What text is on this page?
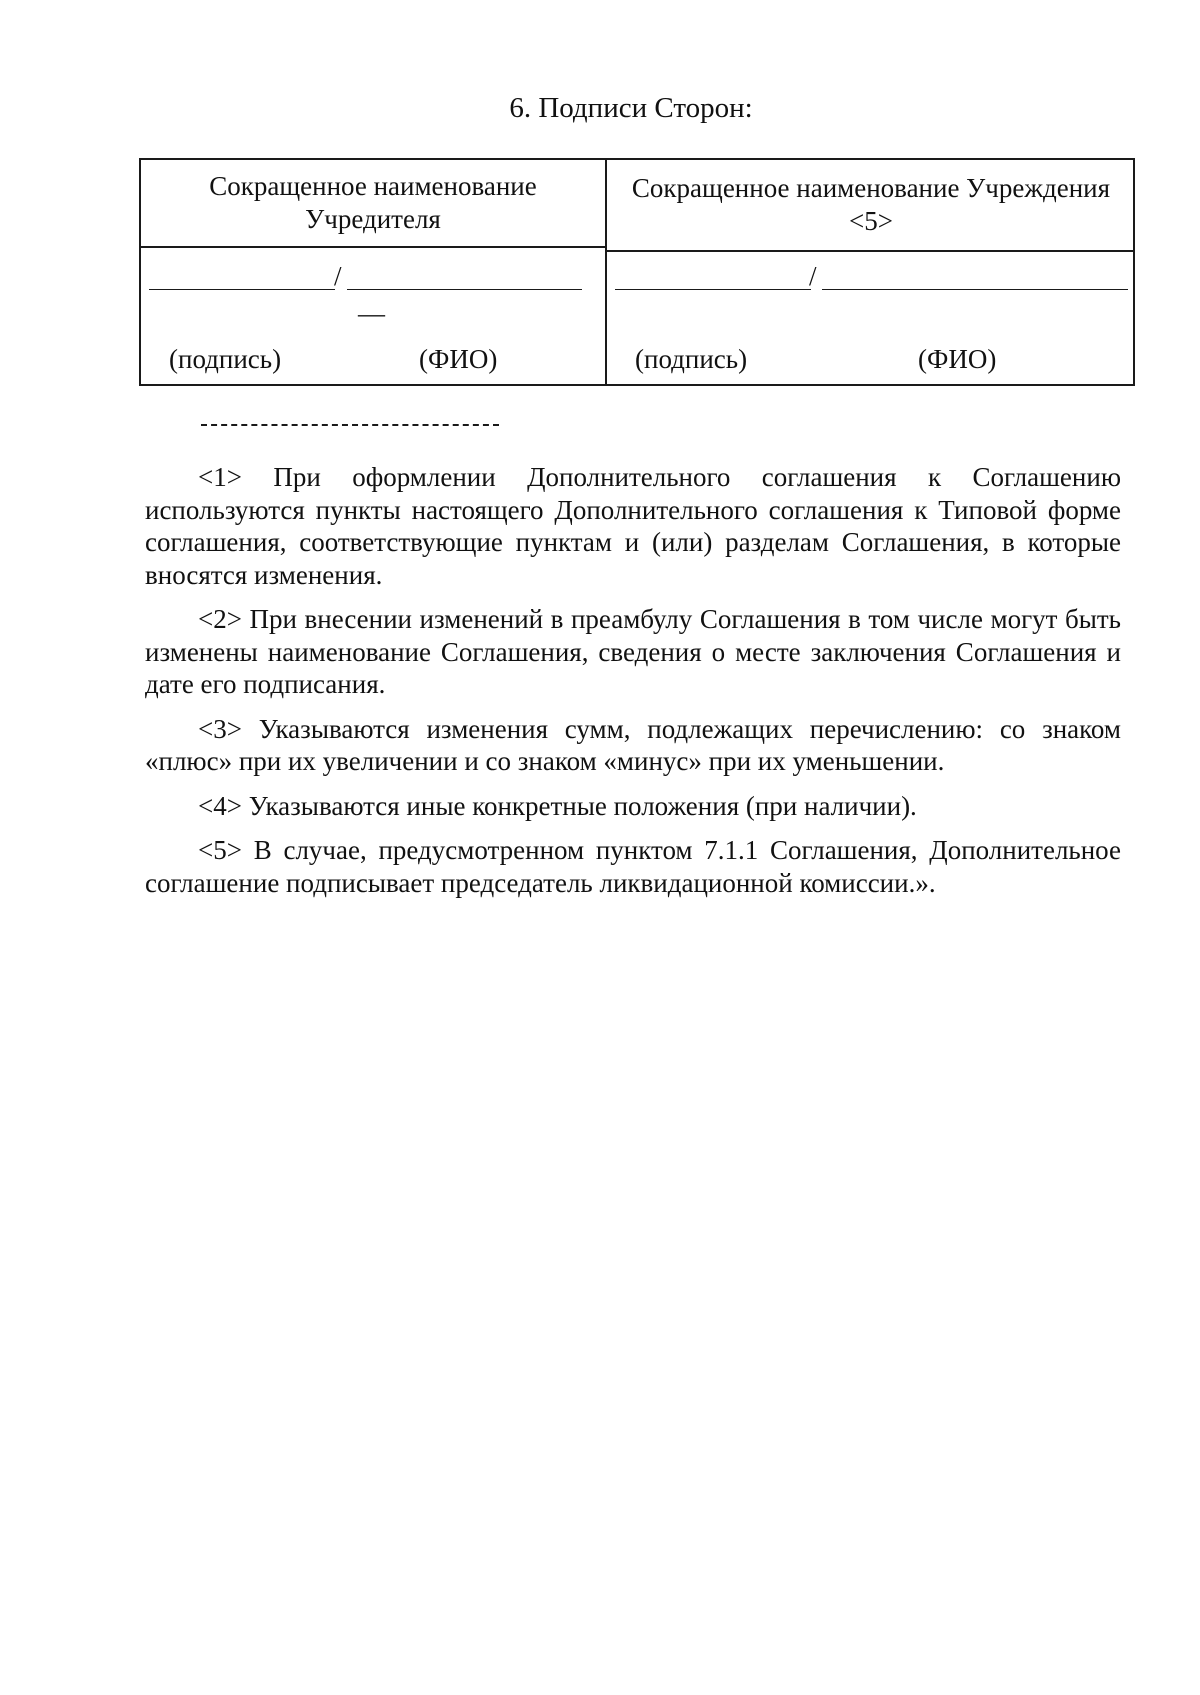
6. Подписи Сторон:
Сокращенное наименование
Учредителя
Сокращенное наименование Учреждения
<5>
/
—
(подпись)	(ФИО)
/
(подпись)	(ФИО)

<1> При оформлении Дополнительного соглашения к Соглашению используются пункты настоящего Дополнительного соглашения к Типовой форме соглашения, соответствующие пунктам и (или) разделам Соглашения, в которые вносятся изменения.

<2> При внесении изменений в преамбулу Соглашения в том числе могут быть изменены наименование Соглашения, сведения о месте заключения Соглашения и дате его подписания.

<3> Указываются изменения сумм, подлежащих перечислению: со знаком «плюс» при их увеличении и со знаком «минус» при их уменьшении.

<4> Указываются иные конкретные положения (при наличии).

<5> В случае, предусмотренном пунктом 7.1.1 Соглашения, Дополнительное соглашение подписывает председатель ликвидационной комиссии.».
